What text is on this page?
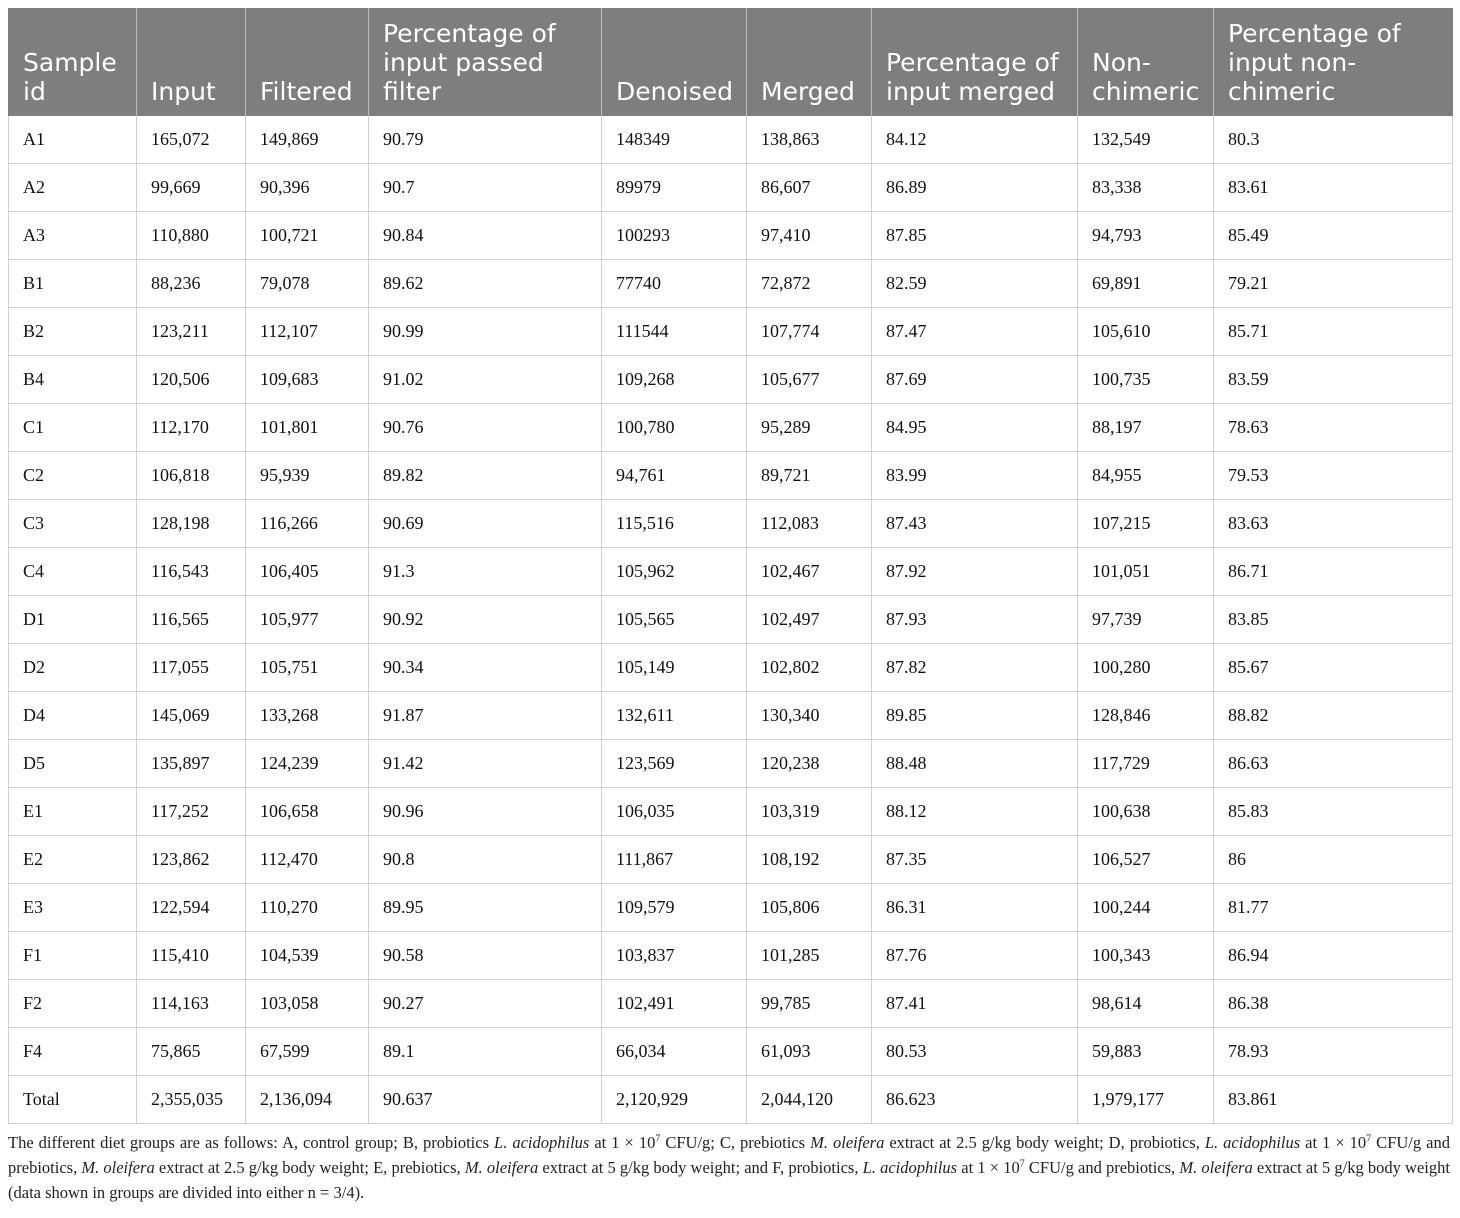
Sample id	Input	Filtered	Percentage of input passed filter	Denoised	Merged	Percentage of input merged	Non-chimeric	Percentage of input non-chimeric
A1	165,072	149,869	90.79	148349	138,863	84.12	132,549	80.3
A2	99,669	90,396	90.7	89979	86,607	86.89	83,338	83.61
A3	110,880	100,721	90.84	100293	97,410	87.85	94,793	85.49
B1	88,236	79,078	89.62	77740	72,872	82.59	69,891	79.21
B2	123,211	112,107	90.99	111544	107,774	87.47	105,610	85.71
B4	120,506	109,683	91.02	109,268	105,677	87.69	100,735	83.59
C1	112,170	101,801	90.76	100,780	95,289	84.95	88,197	78.63
C2	106,818	95,939	89.82	94,761	89,721	83.99	84,955	79.53
C3	128,198	116,266	90.69	115,516	112,083	87.43	107,215	83.63
C4	116,543	106,405	91.3	105,962	102,467	87.92	101,051	86.71
D1	116,565	105,977	90.92	105,565	102,497	87.93	97,739	83.85
D2	117,055	105,751	90.34	105,149	102,802	87.82	100,280	85.67
D4	145,069	133,268	91.87	132,611	130,340	89.85	128,846	88.82
D5	135,897	124,239	91.42	123,569	120,238	88.48	117,729	86.63
E1	117,252	106,658	90.96	106,035	103,319	88.12	100,638	85.83
E2	123,862	112,470	90.8	111,867	108,192	87.35	106,527	86
E3	122,594	110,270	89.95	109,579	105,806	86.31	100,244	81.77
F1	115,410	104,539	90.58	103,837	101,285	87.76	100,343	86.94
F2	114,163	103,058	90.27	102,491	99,785	87.41	98,614	86.38
F4	75,865	67,599	89.1	66,034	61,093	80.53	59,883	78.93
Total	2,355,035	2,136,094	90.637	2,120,929	2,044,120	86.623	1,979,177	83.861
The different diet groups are as follows: A, control group; B, probiotics L. acidophilus at $1 \times 10^7$ CFU/g; C, prebiotics M. oleifera extract at 2.5 g/kg body weight; D, probiotics, L. acidophilus at $1 \times 10^7$ CFU/g and prebiotics, M. oleifera extract at 2.5 g/kg body weight; E, prebiotics, M. oleifera extract at 5 g/kg body weight; and F, probiotics, L. acidophilus at $1 \times 10^7$ CFU/g and prebiotics, M. oleifera extract at 5 g/kg body weight (data shown in groups are divided into either n = 3/4).
